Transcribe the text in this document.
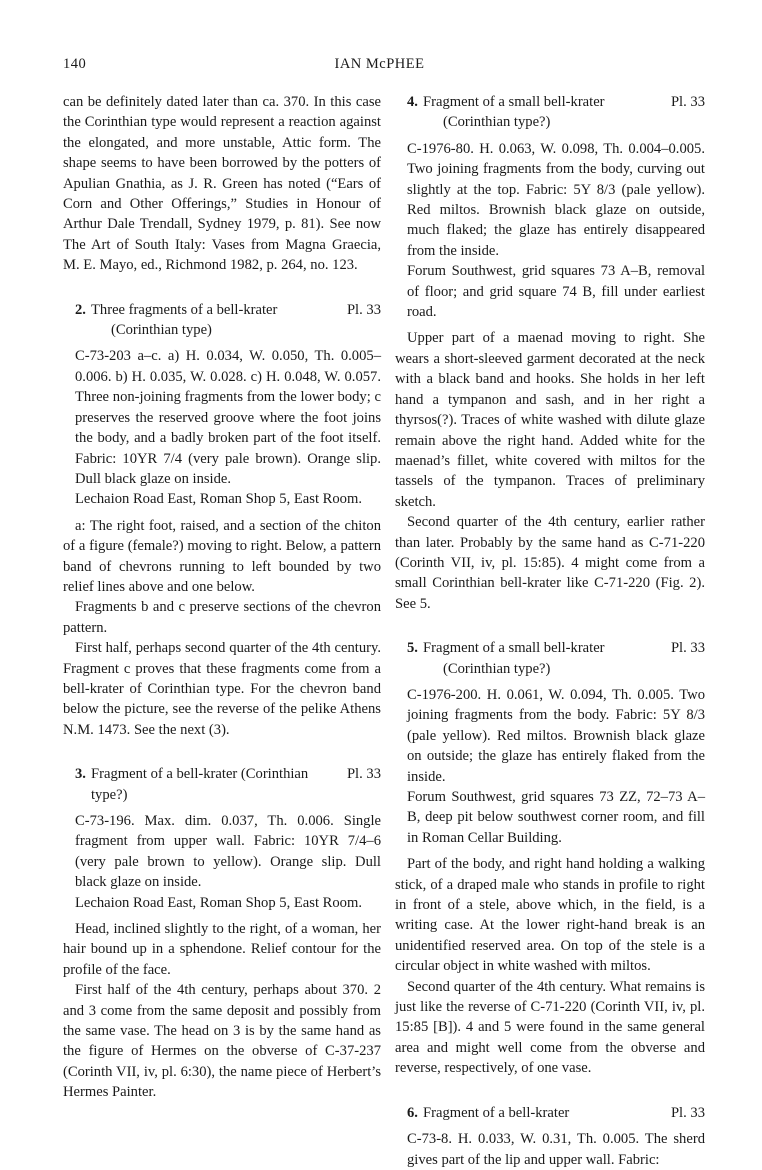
140	IAN McPHEE

can be definitely dated later than ca. 370. In this case the Corinthian type would represent a reaction against the elongated, and more unstable, Attic form. The shape seems to have been borrowed by the potters of Apulian Gnathia, as J. R. Green has noted (“Ears of Corn and Other Offerings,” Studies in Honour of Arthur Dale Trendall, Sydney 1979, p. 81). See now The Art of South Italy: Vases from Magna Graecia, M. E. Mayo, ed., Richmond 1982, p. 264, no. 123.

2. Three fragments of a bell-krater	Pl. 33
(Corinthian type)

C-73-203 a–c. a) H. 0.034, W. 0.050, Th. 0.005–0.006. b) H. 0.035, W. 0.028. c) H. 0.048, W. 0.057. Three non-joining fragments from the lower body; c preserves the reserved groove where the foot joins the body, and a badly broken part of the foot itself. Fabric: 10YR 7/4 (very pale brown). Orange slip. Dull black glaze on inside.

Lechaion Road East, Roman Shop 5, East Room.

a: The right foot, raised, and a section of the chiton of a figure (female?) moving to right. Below, a pattern band of chevrons running to left bounded by two relief lines above and one below.

Fragments b and c preserve sections of the chevron pattern.

First half, perhaps second quarter of the 4th century. Fragment c proves that these fragments come from a bell-krater of Corinthian type. For the chevron band below the picture, see the reverse of the pelike Athens N.M. 1473. See the next (3).

3. Fragment of a bell-krater (Corinthian type?)
Pl. 33

C-73-196. Max. dim. 0.037, Th. 0.006. Single fragment from upper wall. Fabric: 10YR 7/4–6 (very pale brown to yellow). Orange slip. Dull black glaze on inside.

Lechaion Road East, Roman Shop 5, East Room.

Head, inclined slightly to the right, of a woman, her hair bound up in a sphendone. Relief contour for the profile of the face.

First half of the 4th century, perhaps about 370. 2 and 3 come from the same deposit and possibly from the same vase. The head on 3 is by the same hand as the figure of Hermes on the obverse of C-37-237 (Corinth VII, iv, pl. 6:30), the name piece of Herbert’s Hermes Painter.

4. Fragment of a small bell-krater	Pl. 33
(Corinthian type?)

C-1976-80. H. 0.063, W. 0.098, Th. 0.004–0.005. Two joining fragments from the body, curving out slightly at the top. Fabric: 5Y 8/3 (pale yellow). Red miltos. Brownish black glaze on outside, much flaked; the glaze has entirely disappeared from the inside.

Forum Southwest, grid squares 73 A–B, removal of floor; and grid square 74 B, fill under earliest road.

Upper part of a maenad moving to right. She wears a short-sleeved garment decorated at the neck with a black band and hooks. She holds in her left hand a tympanon and sash, and in her right a thyrsos(?). Traces of white washed with dilute glaze remain above the right hand. Added white for the maenad’s fillet, white covered with miltos for the tassels of the tympanon. Traces of preliminary sketch.

Second quarter of the 4th century, earlier rather than later. Probably by the same hand as C-71-220 (Corinth VII, iv, pl. 15:85). 4 might come from a small Corinthian bell-krater like C-71-220 (Fig. 2). See 5.

5. Fragment of a small bell-krater	Pl. 33
(Corinthian type?)

C-1976-200. H. 0.061, W. 0.094, Th. 0.005. Two joining fragments from the body. Fabric: 5Y 8/3 (pale yellow). Red miltos. Brownish black glaze on outside; the glaze has entirely flaked from the inside.

Forum Southwest, grid squares 73 ZZ, 72–73 A–B, deep pit below southwest corner room, and fill in Roman Cellar Building.

Part of the body, and right hand holding a walking stick, of a draped male who stands in profile to right in front of a stele, above which, in the field, is a writing case. At the lower right-hand break is an unidentified reserved area. On top of the stele is a circular object in white washed with miltos.

Second quarter of the 4th century. What remains is just like the reverse of C-71-220 (Corinth VII, iv, pl. 15:85 [B]). 4 and 5 were found in the same general area and might well come from the obverse and reverse, respectively, of one vase.

6. Fragment of a bell-krater	Pl. 33

C-73-8. H. 0.033, W. 0.31, Th. 0.005. The sherd gives part of the lip and upper wall. Fabric:
